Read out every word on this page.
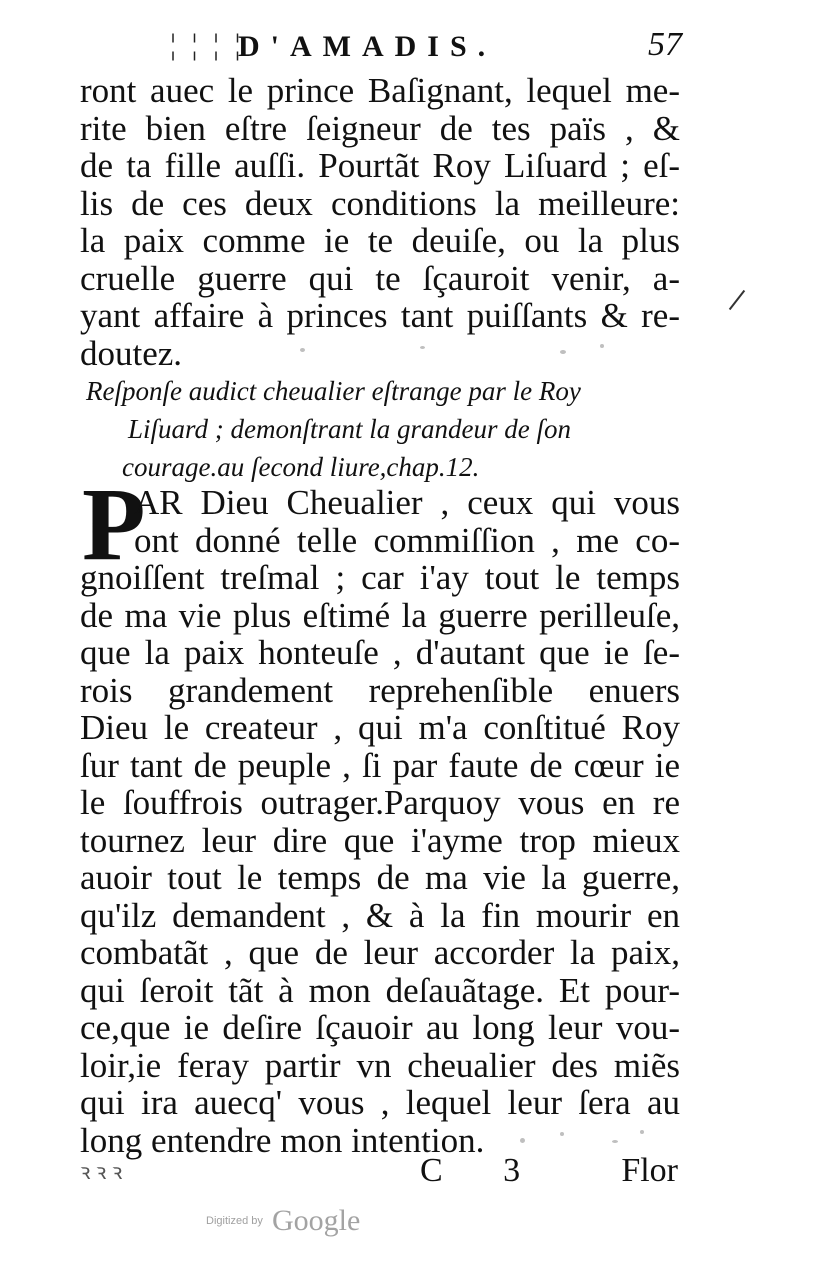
¦ ¦ ¦ ¦
D'AMADIS.	57
ront auec le prince Baſignant, lequel me-
rite bien eſtre ſeigneur de tes païs , &
de ta fille auſſi. Pourtãt Roy Liſuard ; eſ-
lis de ces deux conditions la meilleure:
la paix comme ie te deuiſe, ou la plus
cruelle guerre qui te ſçauroit venir, a-
yant affaire à princes tant puiſſants & re-
doutez.
Reſponſe audict cheualier eſtrange par le Roy
Liſuard ; demonſtrant la grandeur de ſon
courage.au ſecond liure,chap.12.
P
AR Dieu Cheualier , ceux qui vous
ont donné telle commiſſion , me co-
gnoiſſent treſmal ; car i'ay tout le temps
de ma vie plus eſtimé la guerre perilleuſe,
que la paix honteuſe , d'autant que ie ſe-
rois grandement reprehenſible enuers
Dieu le createur , qui m'a conſtitué Roy
ſur tant de peuple , ſi par faute de cœur ie
le ſouffrois outrager.Parquoy vous en re
tournez leur dire que i'ayme trop mieux
auoir tout le temps de ma vie la guerre,
qu'ilz demandent , & à la fin mourir en
combatãt , que de leur accorder la paix,
qui ſeroit tãt à mon deſauãtage. Et pour-
ce,que ie deſire ſçauoir au long leur vou-
loir,ie feray partir vn cheualier des miẽs
qui ira auecq' vous , lequel leur ſera au
long entendre mon intention.
ꝛ ꝛ ꝛ	C 3 Flor
Digitized by Google
